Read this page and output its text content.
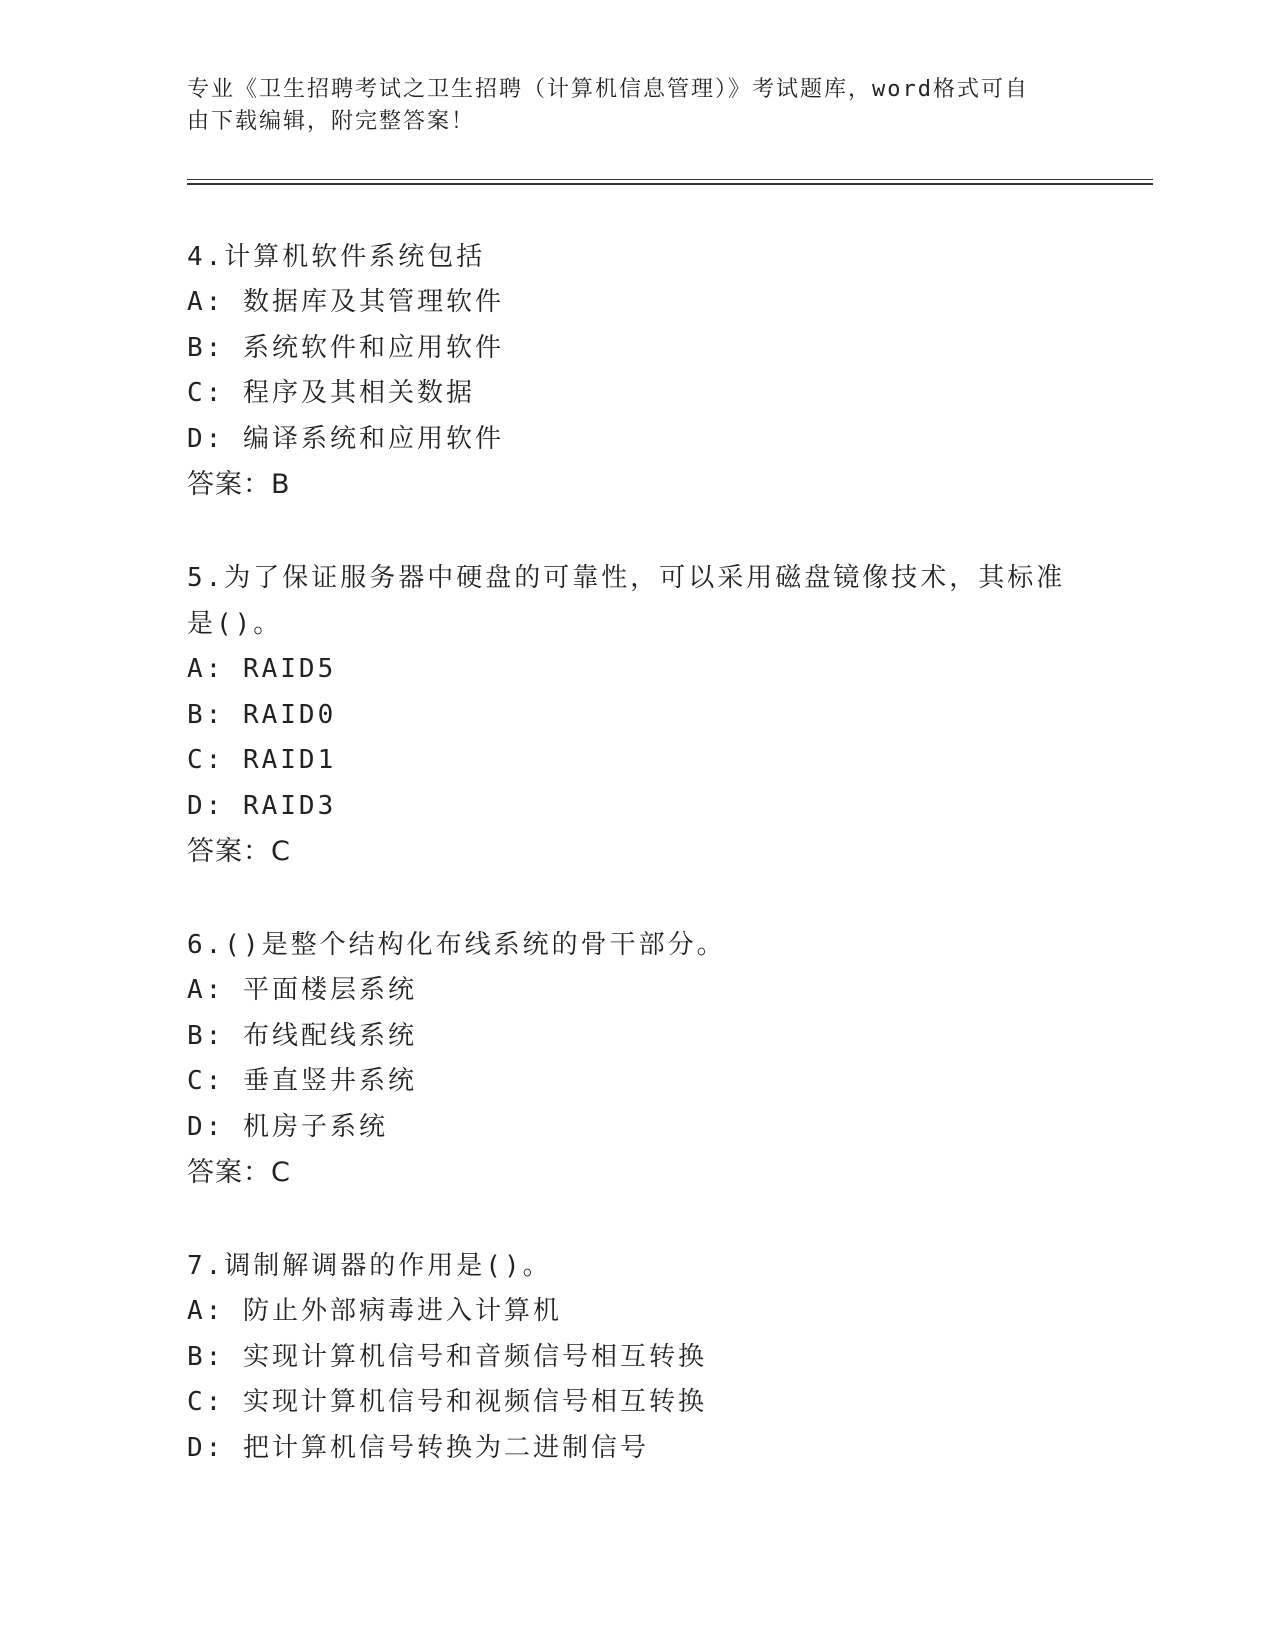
专业《卫生招聘考试之卫生招聘（计算机信息管理）》考试题库，word格式可自
由下载编辑，附完整答案！
4.计算机软件系统包括
A: 数据库及其管理软件
B: 系统软件和应用软件
C: 程序及其相关数据
D: 编译系统和应用软件
答案：B
5.为了保证服务器中硬盘的可靠性，可以采用磁盘镜像技术，其标准
是()。
A: RAID5
B: RAID0
C: RAID1
D: RAID3
答案：C
6.()是整个结构化布线系统的骨干部分。
A: 平面楼层系统
B: 布线配线系统
C: 垂直竖井系统
D: 机房子系统
答案：C
7.调制解调器的作用是()。
A: 防止外部病毒进入计算机
B: 实现计算机信号和音频信号相互转换
C: 实现计算机信号和视频信号相互转换
D: 把计算机信号转换为二进制信号
